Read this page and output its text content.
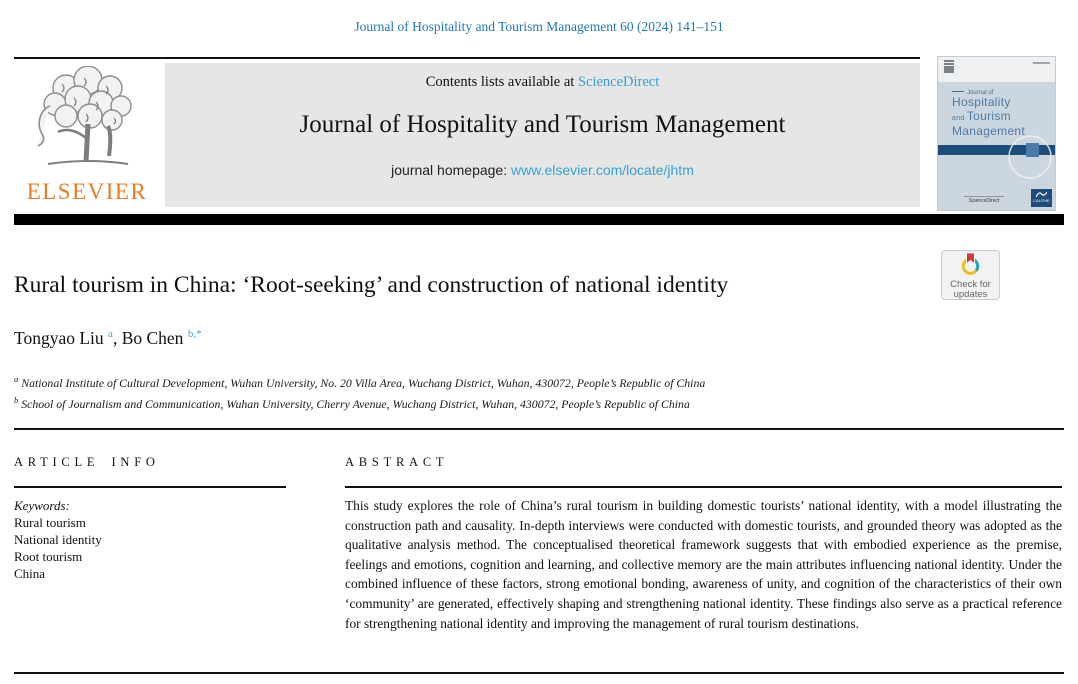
Journal of Hospitality and Tourism Management 60 (2024) 141–151
ELSEVIER
Contents lists available at ScienceDirect
Journal of Hospitality and Tourism Management
journal homepage: www.elsevier.com/locate/jhtm
Journal of
Hospitality
and Tourism
Management
ScienceDirect	CAUTHE
Rural tourism in China: ‘Root-seeking’ and construction of national identity	Check for
updates
Tongyao Liu $^a$, Bo Chen $^{b,*}$
$^a$ National Institute of Cultural Development, Wuhan University, No. 20 Villa Area, Wuchang District, Wuhan, 430072, People’s Republic of China
$^b$ School of Journalism and Communication, Wuhan University, Cherry Avenue, Wuchang District, Wuhan, 430072, People’s Republic of China
ARTICLE INFO	ABSTRACT
Keywords:
Rural tourism
National identity
Root tourism
China
This study explores the role of China’s rural tourism in building domestic tourists’ national identity, with a model illustrating the construction path and causality. In-depth interviews were conducted with domestic tourists, and grounded theory was adopted as the qualitative analysis method. The conceptualised theoretical framework suggests that with embodied experience as the premise, feelings and emotions, cognition and learning, and collective memory are the main attributes influencing national identity. Under the combined influence of these factors, strong emotional bonding, awareness of unity, and cognition of the characteristics of their own ‘community’ are generated, effectively shaping and strengthening national identity. These findings also serve as a practical reference for strengthening national identity and improving the management of rural tourism destinations.
